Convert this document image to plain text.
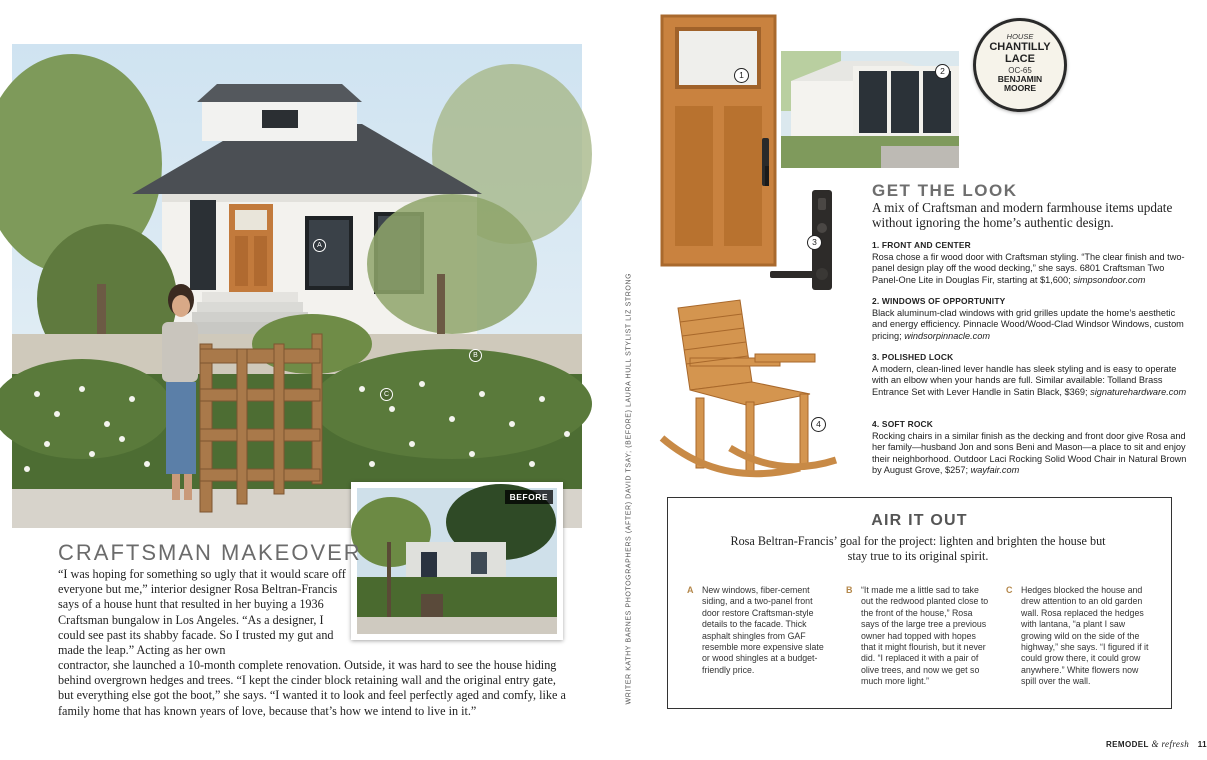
A
B
C
BEFORE
CRAFTSMAN MAKEOVER
“I was hoping for something so ugly that it would scare off everyone but me,” interior designer Rosa Beltran-Francis says of a house hunt that resulted in her buying a 1936 Craftsman bungalow in Los Angeles. “As a designer, I could see past its shabby facade. So I trusted my gut and made the leap.” Acting as her own
contractor, she launched a 10-month complete renovation. Outside, it was hard to see the house hiding behind overgrown hedges and trees. “I kept the cinder block retaining wall and the original entry gate, but everything else got the boot,” she says. “I wanted it to look and feel perfectly aged and comfy, like a family home that has known years of love, because that’s how we intend to live in it.”
WRITER KATHY BARNES PHOTOGRAPHERS (AFTER) DAVID TSAY; (BEFORE) LAURA HULL STYLIST LIZ STRONG
1	2
HOUSE
CHANTILLY
LACE
OC-65
BENJAMIN
MOORE
3
4
GET THE LOOK
A mix of Craftsman and modern farmhouse items update without ignoring the home’s authentic design.
1. FRONT AND CENTER
Rosa chose a fir wood door with Craftsman styling. “The clear finish and two-panel design play off the wood decking,” she says. 6801 Craftsman Two Panel-One Lite in Douglas Fir, starting at $1,600; simpsondoor.com
2. WINDOWS OF OPPORTUNITY
Black aluminum-clad windows with grid grilles update the home’s aesthetic and energy efficiency. Pinnacle Wood/Wood-Clad Windsor Windows, custom pricing; windsorpinnacle.com
3. POLISHED LOCK
A modern, clean-lined lever handle has sleek styling and is easy to operate with an elbow when your hands are full. Similar available: Tolland Brass Entrance Set with Lever Handle in Satin Black, $369; signaturehardware.com
4. SOFT ROCK
Rocking chairs in a similar finish as the decking and front door give Rosa and her family—husband Jon and sons Beni and Mason—a place to sit and enjoy their neighborhood. Outdoor Laci Rocking Solid Wood Chair in Natural Brown by August Grove, $257; wayfair.com
AIR IT OUT
Rosa Beltran-Francis’ goal for the project: lighten and brighten the house but stay true to its original spirit.
A New windows, fiber-cement siding, and a two-panel front door restore Craftsman-style details to the facade. Thick asphalt shingles from GAF resemble more expensive slate or wood shingles at a budget-friendly price.
B “It made me a little sad to take out the redwood planted close to the front of the house,” Rosa says of the large tree a previous owner had topped with hopes that it might flourish, but it never did. “I replaced it with a pair of olive trees, and now we get so much more light.”
C Hedges blocked the house and drew attention to an old garden wall. Rosa replaced the hedges with lantana, “a plant I saw growing wild on the side of the highway,” she says. “I figured if it could grow there, it could grow anywhere.” White flowers now spill over the wall.
REMODEL & refresh 11
